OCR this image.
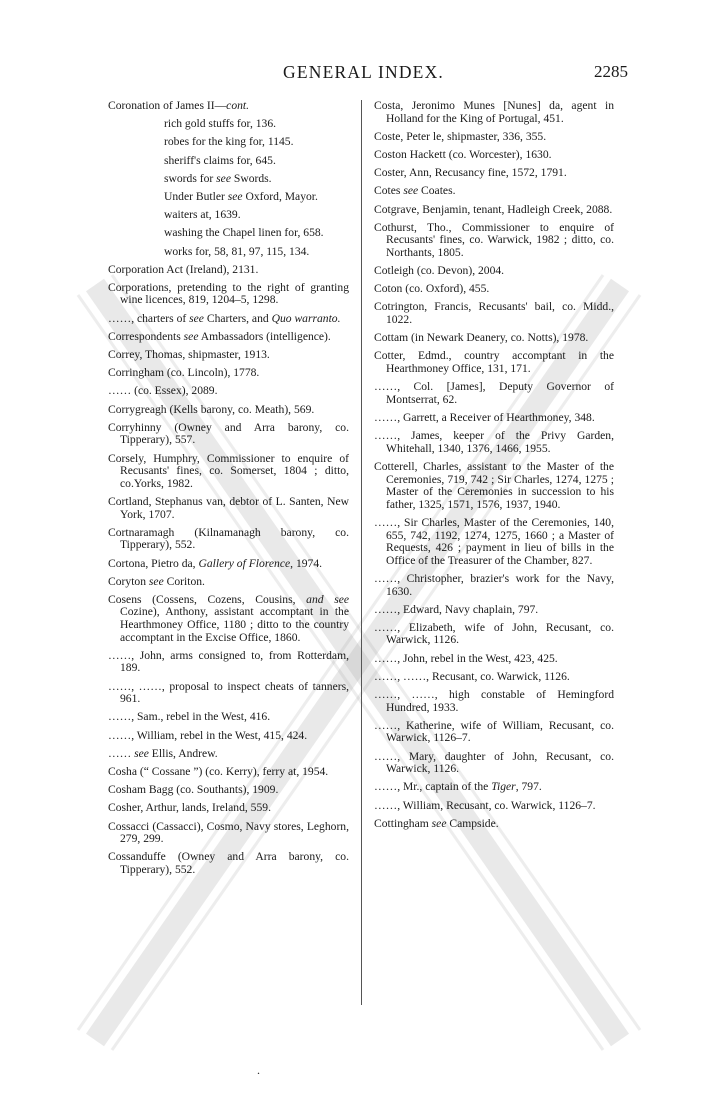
GENERAL INDEX.	2285
Coronation of James II—cont.
rich gold stuffs for, 136.
robes for the king for, 1145.
sheriff's claims for, 645.
swords for see Swords.
Under Butler see Oxford, Mayor.
waiters at, 1639.
washing the Chapel linen for, 658.
works for, 58, 81, 97, 115, 134.
Corporation Act (Ireland), 2131.
Corporations, pretending to the right of granting wine licences, 819, 1204–5, 1298.
……, charters of see Charters, and Quo warranto.
Correspondents see Ambassadors (intelligence).
Correy, Thomas, shipmaster, 1913.
Corringham (co. Lincoln), 1778.
…… (co. Essex), 2089.
Corrygreagh (Kells barony, co. Meath), 569.
Corryhinny (Owney and Arra barony, co. Tipperary), 557.
Corsely, Humphry, Commissioner to enquire of Recusants' fines, co. Somerset, 1804 ; ditto, co.Yorks, 1982.
Cortland, Stephanus van, debtor of L. Santen, New York, 1707.
Cortnaramagh (Kilnamanagh barony, co. Tipperary), 552.
Cortona, Pietro da, Gallery of Florence, 1974.
Coryton see Coriton.
Cosens (Cossens, Cozens, Cousins, and see Cozine), Anthony, assistant accomptant in the Hearthmoney Office, 1180 ; ditto to the country accomptant in the Excise Office, 1860.
……, John, arms consigned to, from Rotterdam, 189.
……, ……, proposal to inspect cheats of tanners, 961.
……, Sam., rebel in the West, 416.
……, William, rebel in the West, 415, 424.
…… see Ellis, Andrew.
Cosha (“ Cossane ”) (co. Kerry), ferry at, 1954.
Cosham Bagg (co. Southants), 1909.
Cosher, Arthur, lands, Ireland, 559.
Cossacci (Cassacci), Cosmo, Navy stores, Leghorn, 279, 299.
Cossanduffe (Owney and Arra barony, co. Tipperary), 552.
Costa, Jeronimo Munes [Nunes] da, agent in Holland for the King of Portugal, 451.
Coste, Peter le, shipmaster, 336, 355.
Coston Hackett (co. Worcester), 1630.
Coster, Ann, Recusancy fine, 1572, 1791.
Cotes see Coates.
Cotgrave, Benjamin, tenant, Hadleigh Creek, 2088.
Cothurst, Tho., Commissioner to enquire of Recusants' fines, co. Warwick, 1982 ; ditto, co. Northants, 1805.
Cotleigh (co. Devon), 2004.
Coton (co. Oxford), 455.
Cotrington, Francis, Recusants' bail, co. Midd., 1022.
Cottam (in Newark Deanery, co. Notts), 1978.
Cotter, Edmd., country accomptant in the Hearthmoney Office, 131, 171.
……, Col. [James], Deputy Governor of Montserrat, 62.
……, Garrett, a Receiver of Hearthmoney, 348.
……, James, keeper of the Privy Garden, Whitehall, 1340, 1376, 1466, 1955.
Cotterell, Charles, assistant to the Master of the Ceremonies, 719, 742 ; Sir Charles, 1274, 1275 ; Master of the Ceremonies in succession to his father, 1325, 1571, 1576, 1937, 1940.
……, Sir Charles, Master of the Ceremonies, 140, 655, 742, 1192, 1274, 1275, 1660 ; a Master of Requests, 426 ; payment in lieu of bills in the Office of the Treasurer of the Chamber, 827.
……, Christopher, brazier's work for the Navy, 1630.
……, Edward, Navy chaplain, 797.
……, Elizabeth, wife of John, Recusant, co. Warwick, 1126.
……, John, rebel in the West, 423, 425.
……, ……, Recusant, co. Warwick, 1126.
……, ……, high constable of Hemingford Hundred, 1933.
……, Katherine, wife of William, Recusant, co. Warwick, 1126–7.
……, Mary, daughter of John, Recusant, co. Warwick, 1126.
……, Mr., captain of the Tiger, 797.
……, William, Recusant, co. Warwick, 1126–7.
Cottingham see Campside.
.
